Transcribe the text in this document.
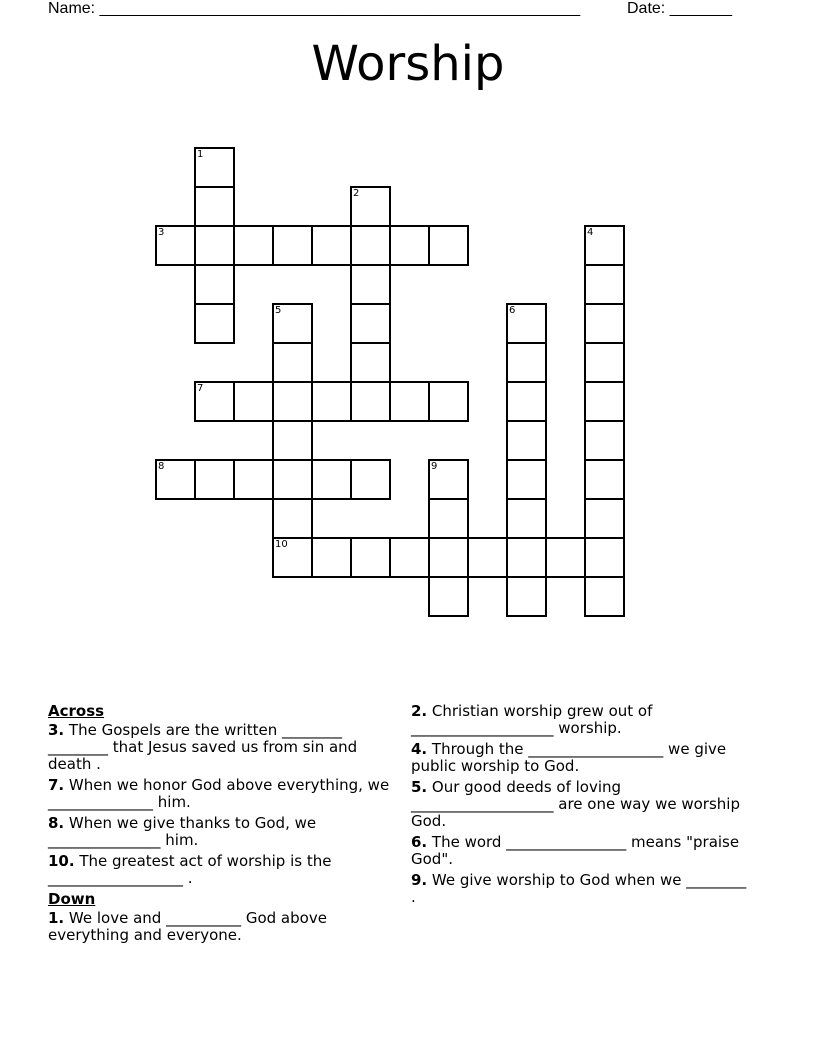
Name: ______________________________________________________	Date: _______
Worship
1
2
3	4
5
10
6
7
8	9
Across
3. The Gospels are the written ________ ________ that Jesus saved us from sin and death .
7. When we honor God above everything, we ______________ him.
8. When we give thanks to God, we _______________ him.
10. The greatest act of worship is the __________________ .
Down
1. We love and __________ God above everything and everyone.
2. Christian worship grew out of ___________________ worship.
4. Through the __________________ we give public worship to God.
5. Our good deeds of loving ___________________ are one way we worship God.
6. The word ________________ means "praise God".
9. We give worship to God when we ________ .
